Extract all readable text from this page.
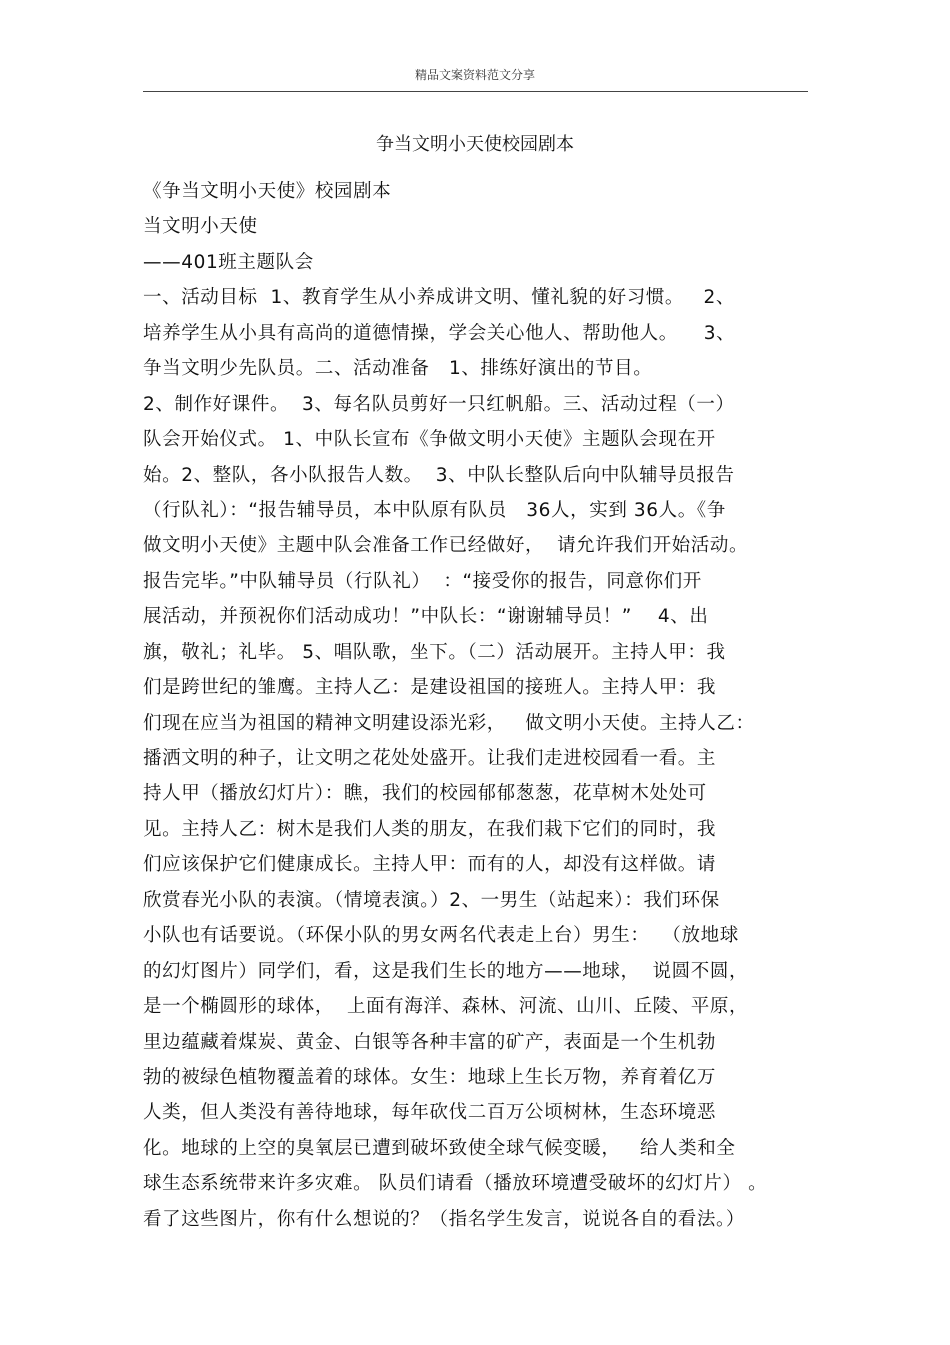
精品文案资料范文分享
争当文明小天使校园剧本
《争当文明小天使》校园剧本
当文明小天使
——401班主题队会
一、活动目标  1、教育学生从小养成讲文明、懂礼貌的好习惯。   2、
培养学生从小具有高尚的道德情操，学会关心他人、帮助他人。    3、
争当文明少先队员。二、活动准备   1、排练好演出的节目。
2、制作好课件。  3、每名队员剪好一只红帆船。三、活动过程（一）
队会开始仪式。 1、中队长宣布《争做文明小天使》主题队会现在开
始。2、整队，各小队报告人数。  3、中队长整队后向中队辅导员报告
（行队礼）：“报告辅导员，本中队原有队员   36人，实到 36人。《争
做文明小天使》主题中队会准备工作已经做好，  请允许我们开始活动。
报告完毕。”中队辅导员（行队礼）  ：“接受你的报告，同意你们开
展活动，并预祝你们活动成功！”中队长：“谢谢辅导员！”    4、出
旗，敬礼；礼毕。 5、唱队歌，坐下。（二）活动展开。主持人甲：我
们是跨世纪的雏鹰。主持人乙：是建设祖国的接班人。主持人甲：我
们现在应当为祖国的精神文明建设添光彩，   做文明小天使。主持人乙：
播洒文明的种子，让文明之花处处盛开。让我们走进校园看一看。主
持人甲（播放幻灯片）：瞧，我们的校园郁郁葱葱，花草树木处处可
见。主持人乙：树木是我们人类的朋友，在我们栽下它们的同时，我
们应该保护它们健康成长。主持人甲：而有的人，却没有这样做。请
欣赏春光小队的表演。（情境表演。）2、一男生（站起来）：我们环保
小队也有话要说。（环保小队的男女两名代表走上台）男生：  （放地球
的幻灯图片）同学们，看，这是我们生长的地方——地球，  说圆不圆，
是一个椭圆形的球体，  上面有海洋、森林、河流、山川、丘陵、平原，
里边蕴藏着煤炭、黄金、白银等各种丰富的矿产，表面是一个生机勃
勃的被绿色植物覆盖着的球体。女生：地球上生长万物，养育着亿万
人类，但人类没有善待地球，每年砍伐二百万公顷树林，生态环境恶
化。地球的上空的臭氧层已遭到破坏致使全球气候变暖，   给人类和全
球生态系统带来许多灾难。 队员们请看（播放环境遭受破坏的幻灯片） 。
看了这些图片，你有什么想说的？（指名学生发言，说说各自的看法。）
